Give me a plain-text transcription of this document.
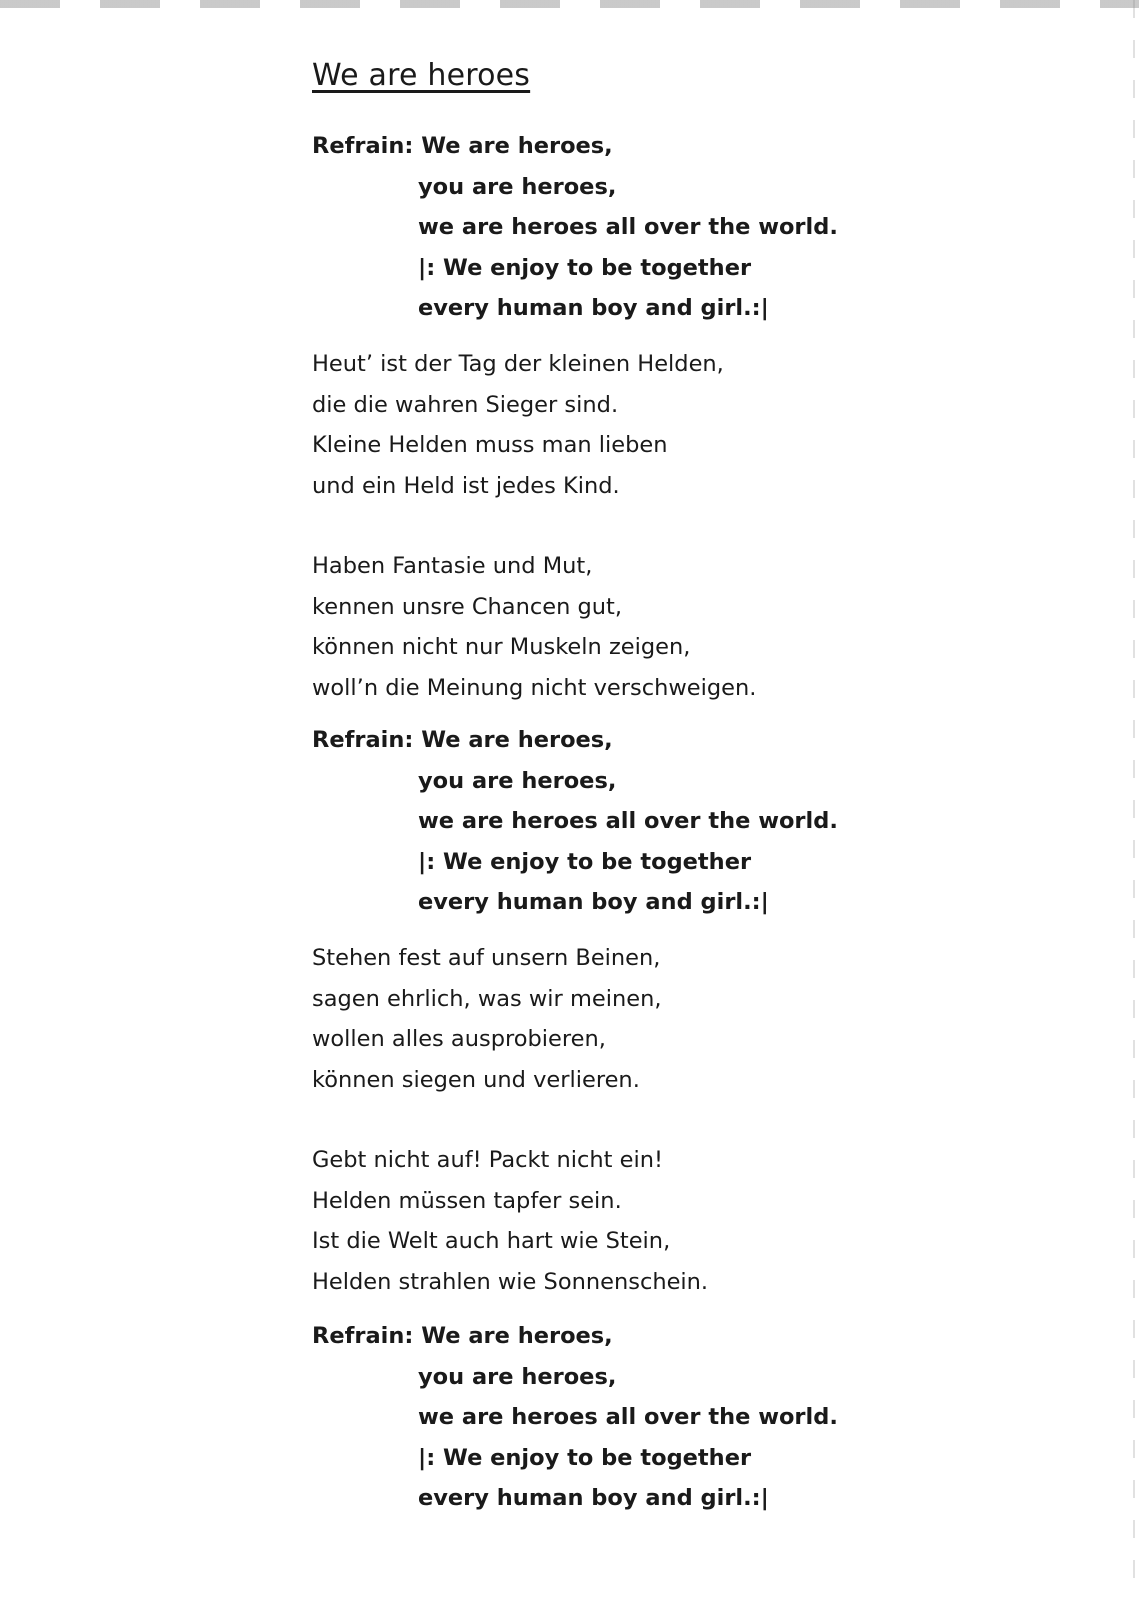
We are heroes
Refrain: We are heroes,
you are heroes,
we are heroes all over the world.
|: We enjoy to be together
every human boy and girl.:|
Heut’ ist der Tag der kleinen Helden,
die die wahren Sieger sind.
Kleine Helden muss man lieben
und ein Held ist jedes Kind.
Haben Fantasie und Mut,
kennen unsre Chancen gut,
können nicht nur Muskeln zeigen,
woll’n die Meinung nicht verschweigen.
Refrain: We are heroes,
you are heroes,
we are heroes all over the world.
|: We enjoy to be together
every human boy and girl.:|
Stehen fest auf unsern Beinen,
sagen ehrlich, was wir meinen,
wollen alles ausprobieren,
können siegen und verlieren.
Gebt nicht auf! Packt nicht ein!
Helden müssen tapfer sein.
Ist die Welt auch hart wie Stein,
Helden strahlen wie Sonnenschein.
Refrain: We are heroes,
you are heroes,
we are heroes all over the world.
|: We enjoy to be together
every human boy and girl.:|
